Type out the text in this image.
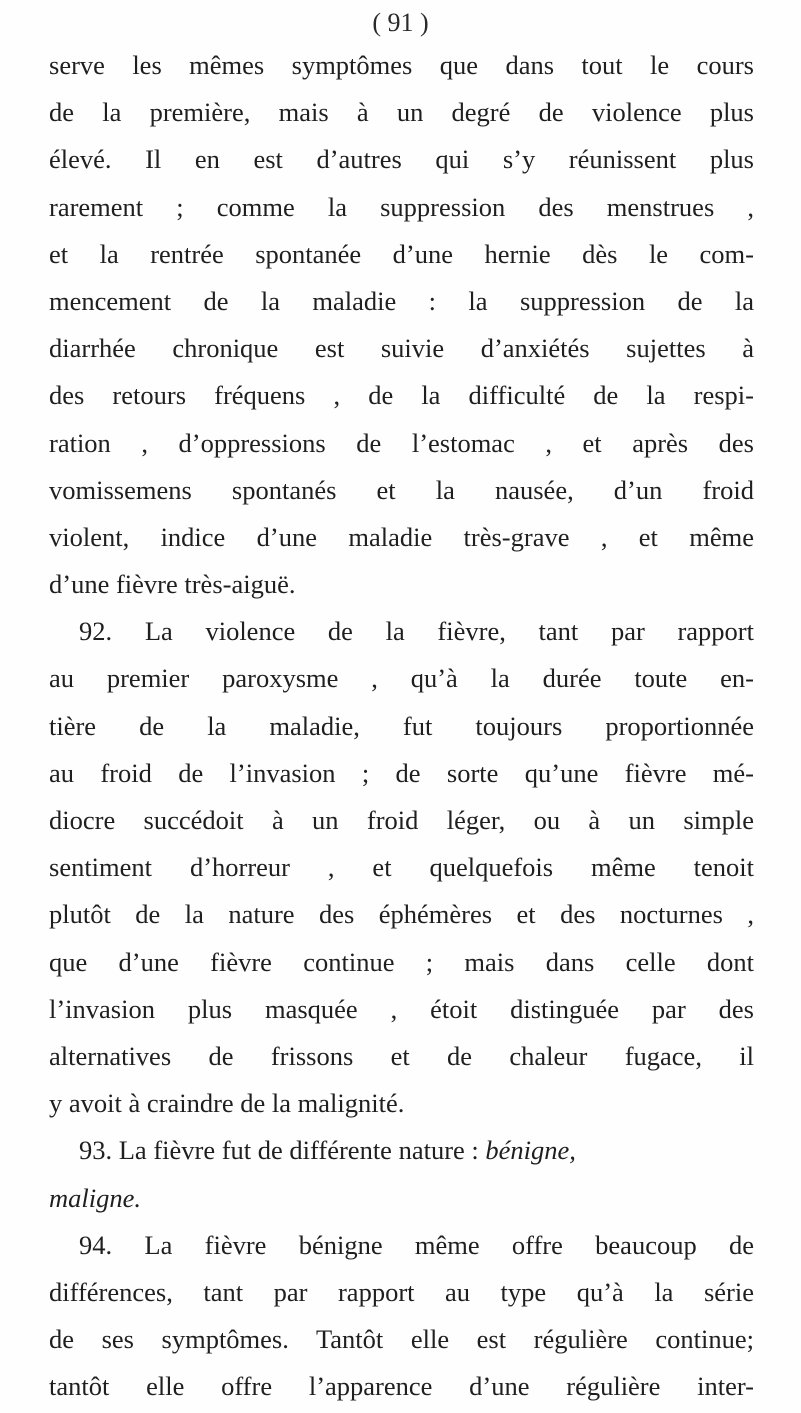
( 91 )
serve les mêmes symptômes que dans tout le cours
de la première, mais à un degré de violence plus
élevé. Il en est d’autres qui s’y réunissent plus
rarement ; comme la suppression des menstrues ,
et la rentrée spontanée d’une hernie dès le com-
mencement de la maladie : la suppression de la
diarrhée chronique est suivie d’anxiétés sujettes à
des retours fréquens , de la difficulté de la respi-
ration , d’oppressions de l’estomac , et après des
vomissemens spontanés et la nausée, d’un froid
violent, indice d’une maladie très-grave , et même
d’une fièvre très-aiguë.
92. La violence de la fièvre, tant par rapport
au premier paroxysme , qu’à la durée toute en-
tière de la maladie, fut toujours proportionnée
au froid de l’invasion ; de sorte qu’une fièvre mé-
diocre succédoit à un froid léger, ou à un simple
sentiment d’horreur , et quelquefois même tenoit
plutôt de la nature des éphémères et des nocturnes ,
que d’une fièvre continue ; mais dans celle dont
l’invasion plus masquée , étoit distinguée par des
alternatives de frissons et de chaleur fugace, il
y avoit à craindre de la malignité.
93. La fièvre fut de différente nature : bénigne,
maligne.
94. La fièvre bénigne même offre beaucoup de
différences, tant par rapport au type qu’à la série
de ses symptômes. Tantôt elle est régulière continue;
tantôt elle offre l’apparence d’une régulière inter-
